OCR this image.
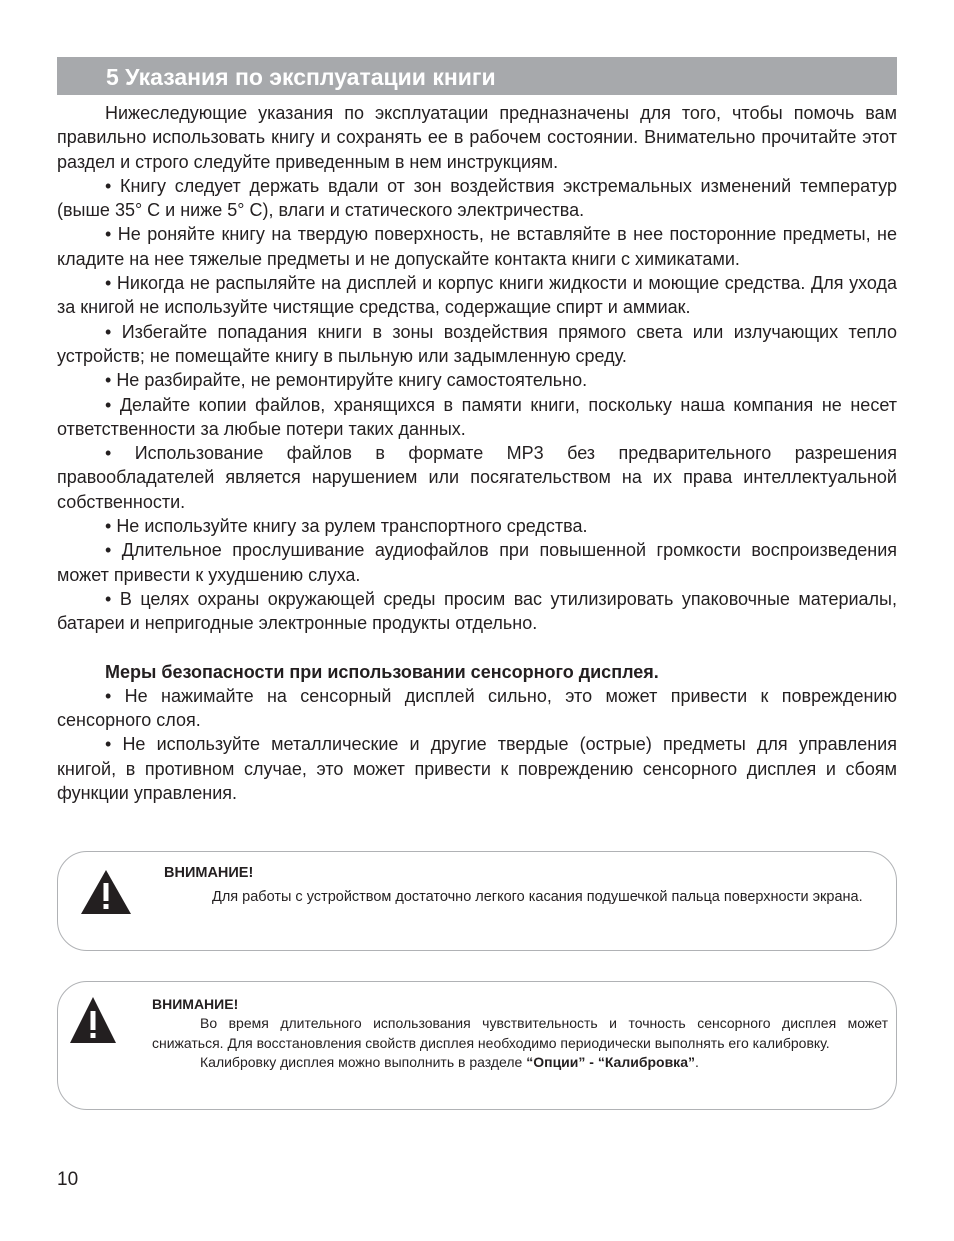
5 Указания по эксплуатации книги

Нижеследующие указания по эксплуатации предназначены для того, чтобы помочь вам правильно использовать книгу и сохранять ее в рабочем состоянии. Внимательно прочитайте этот раздел и строго следуйте приведенным в нем инструкциям.

• Книгу следует держать вдали от зон воздействия экстремальных изменений температур (выше 35° С и ниже 5° С), влаги и статического электричества.

• Не роняйте книгу на твердую поверхность, не вставляйте в нее посторонние предметы, не кладите на нее тяжелые предметы и не допускайте контакта книги с химикатами.

• Никогда не распыляйте на дисплей и корпус книги жидкости и моющие средства. Для ухода за книгой не используйте чистящие средства, содержащие спирт и аммиак.

• Избегайте попадания книги в зоны воздействия прямого света или излучающих тепло устройств; не помещайте книгу в пыльную или задымленную среду.

• Не разбирайте, не ремонтируйте книгу самостоятельно.

• Делайте копии файлов, хранящихся в памяти книги, поскольку наша компания не несет ответственности за любые потери таких данных.

• Использование файлов в формате MP3 без предварительного разрешения правообладателей является нарушением или посягательством на их права интеллектуальной собственности.

• Не используйте книгу за рулем транспортного средства.

• Длительное прослушивание аудиофайлов при повышенной громкости воспроизведения может привести к ухудшению слуха.

• В целях охраны окружающей среды просим вас утилизировать упаковочные материалы, батареи и непригодные электронные продукты отдельно.

Меры безопасности при использовании сенсорного дисплея.

• Не нажимайте на сенсорный дисплей сильно, это может привести к повреждению сенсорного слоя.

• Не используйте металлические и другие твердые (острые) предметы для управления книгой, в противном случае, это может привести к повреждению сенсорного дисплея и сбоям функции управления.

ВНИМАНИЕ!

Для работы с устройством достаточно легкого касания подушечкой пальца поверхности экрана.

ВНИМАНИЕ!

Во время длительного использования чувствительность и точность сенсорного дисплея может снижаться. Для восстановления свойств дисплея необходимо периодически выполнять его калибровку.

Калибровку дисплея можно выполнить в разделе “Опции” - “Калибровка”.

10
